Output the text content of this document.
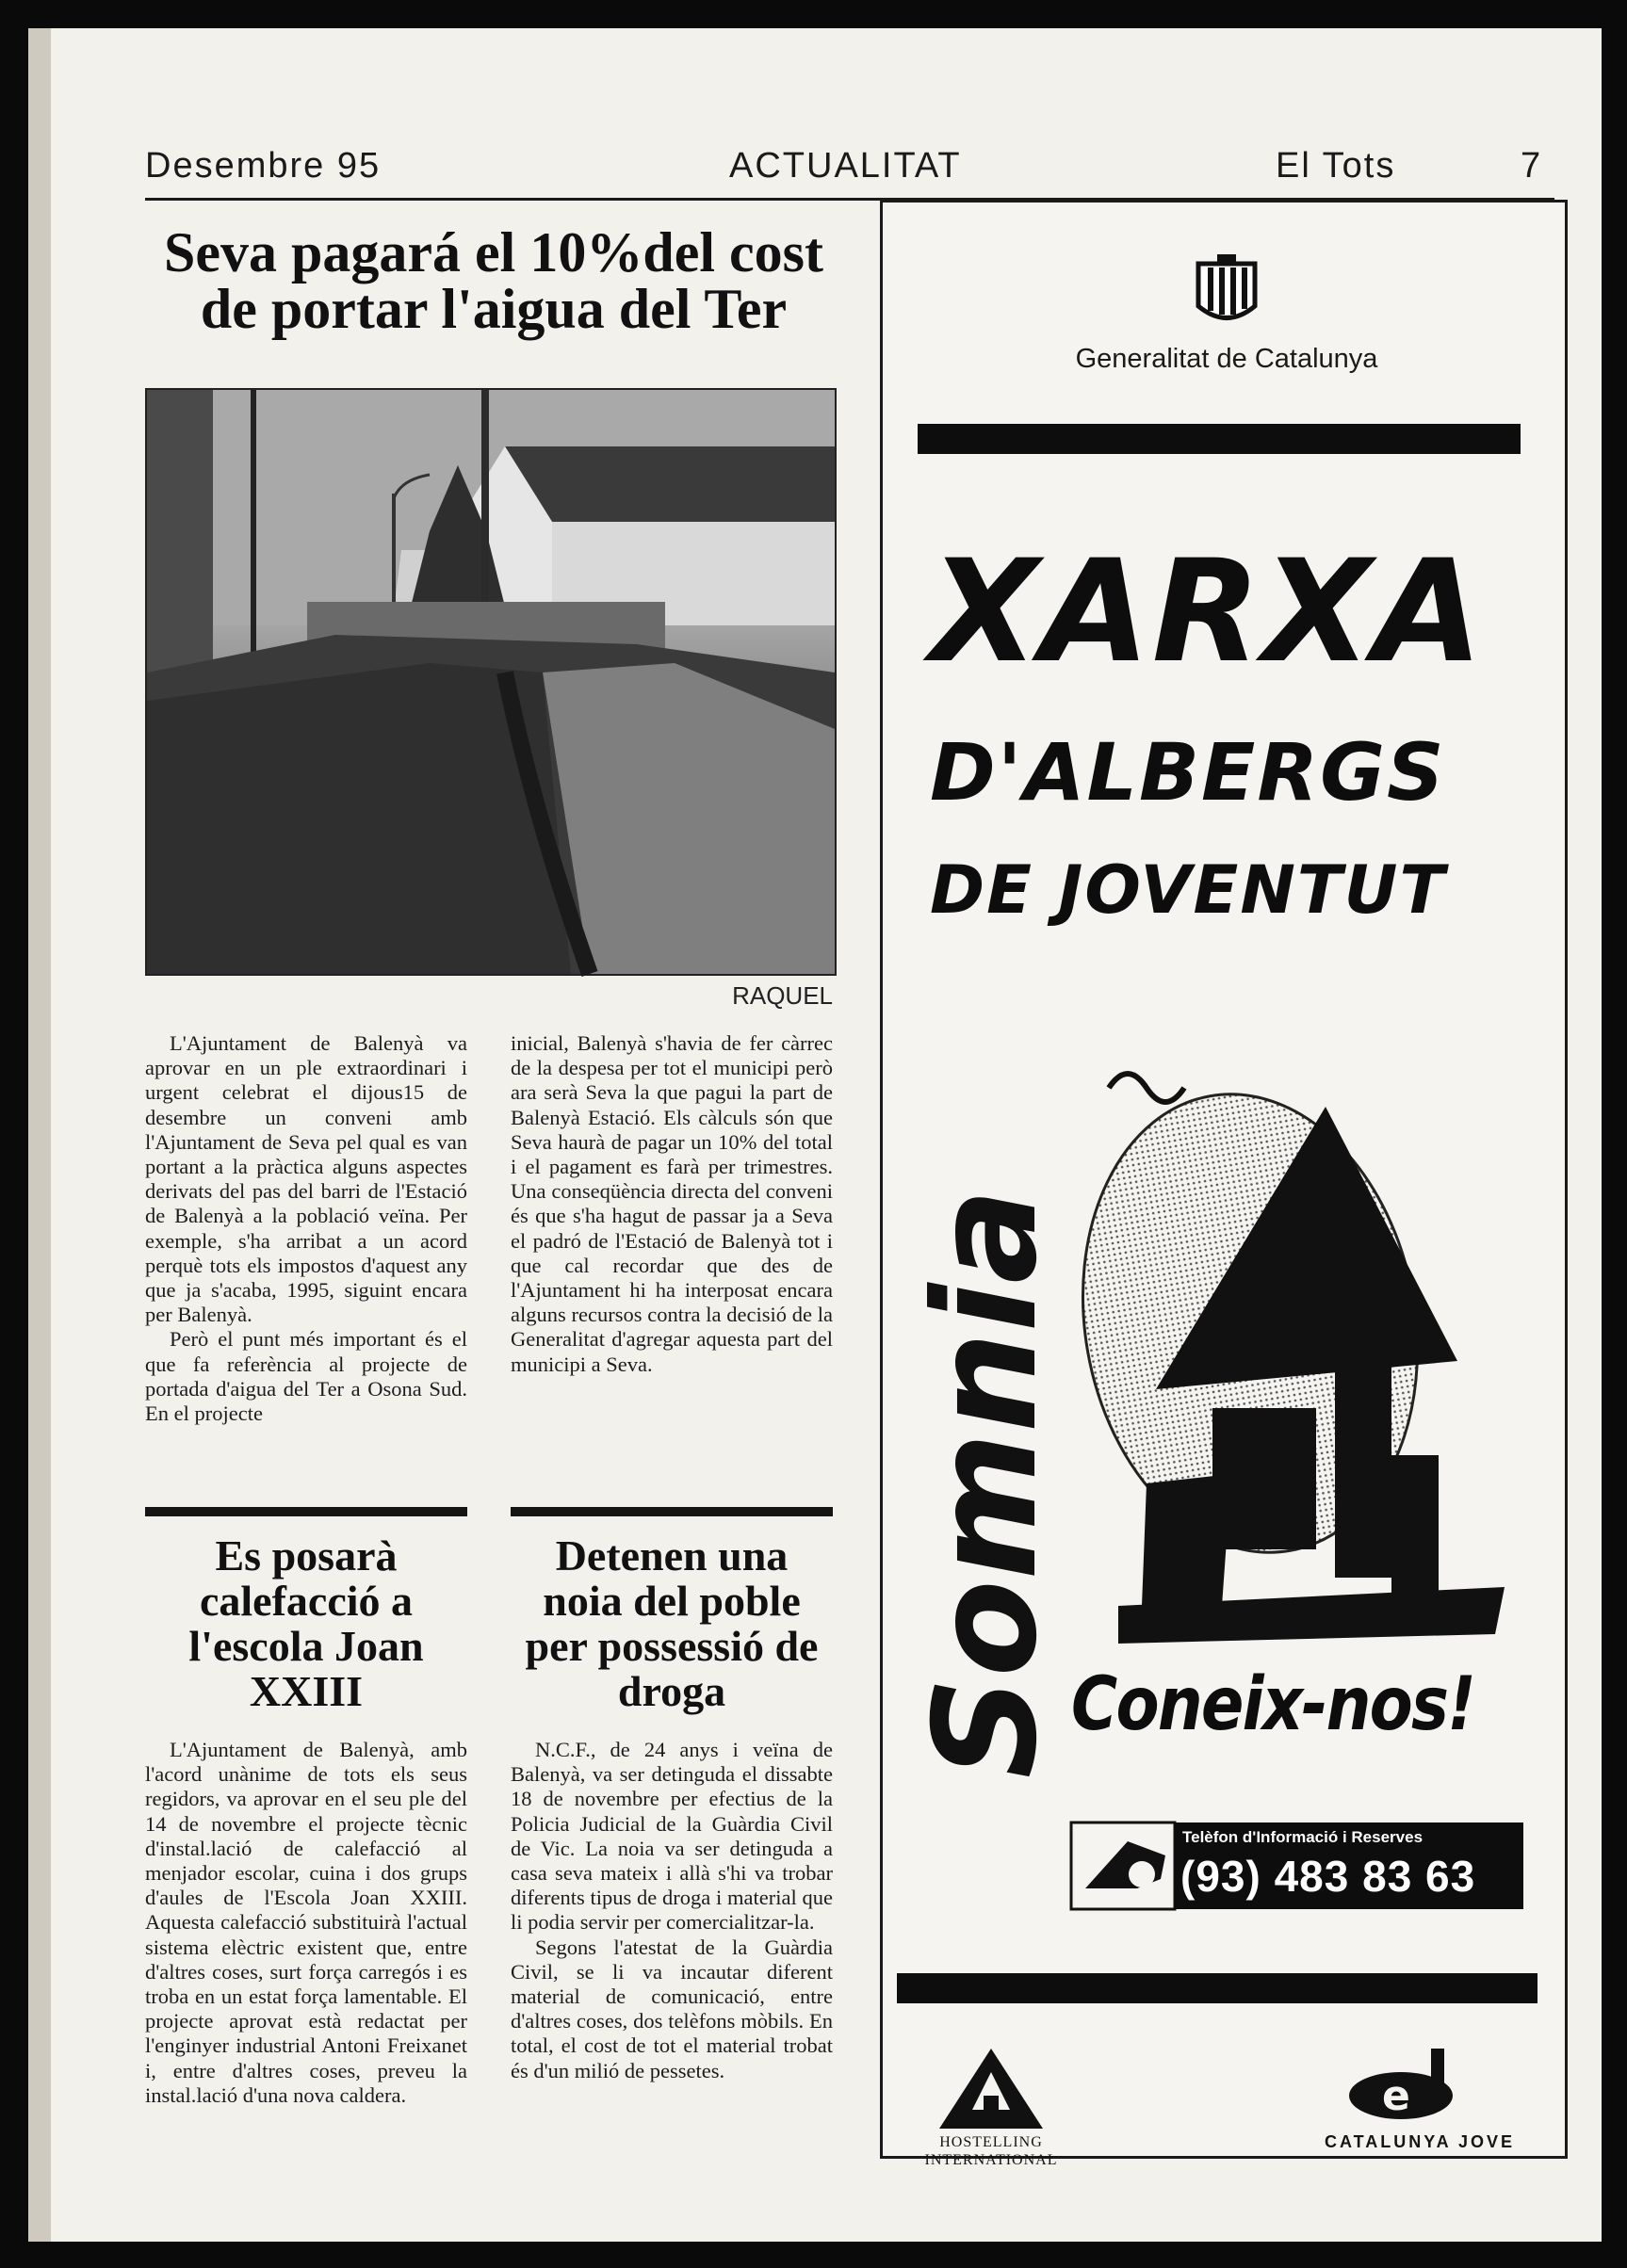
Desembre 95	ACTUALITAT	El Tots	7
Seva pagará el 10%del cost
de portar l'aigua del Ter
RAQUEL

L'Ajuntament de Balenyà va aprovar en un ple extraordinari i urgent celebrat el dijous15 de desembre un conveni amb l'Ajuntament de Seva pel qual es van portant a la pràctica alguns aspectes derivats del pas del barri de l'Estació de Balenyà a la població veïna. Per exemple, s'ha arribat a un acord perquè tots els impostos d'aquest any que ja s'acaba, 1995, siguint encara per Balenyà.

Però el punt més important és el que fa referència al projecte de portada d'aigua del Ter a Osona Sud. En el projecte

inicial, Balenyà s'havia de fer càrrec de la despesa per tot el municipi però ara serà Seva la que pagui la part de Balenyà Estació. Els càlculs són que Seva haurà de pagar un 10% del total i el pagament es farà per trimestres. Una conseqüència directa del conveni és que s'ha hagut de passar ja a Seva el padró de l'Estació de Balenyà tot i que cal recordar que des de l'Ajuntament hi ha interposat encara alguns recursos contra la decisió de la Generalitat d'agregar aquesta part del municipi a Seva.

Es posarà calefacció a l'escola Joan XXIII

L'Ajuntament de Balenyà, amb l'acord unànime de tots els seus regidors, va aprovar en el seu ple del 14 de novembre el projecte tècnic d'instal.lació de calefacció al menjador escolar, cuina i dos grups d'aules de l'Escola Joan XXIII. Aquesta calefacció substituirà l'actual sistema elèctric existent que, entre d'altres coses, surt força carregós i es troba en un estat força lamentable. El projecte aprovat està redactat per l'enginyer industrial Antoni Freixanet i, entre d'altres coses, preveu la instal.lació d'una nova caldera.

Detenen una noia del poble per possessió de droga

N.C.F., de 24 anys i veïna de Balenyà, va ser detinguda el dissabte 18 de novembre per efectius de la Policia Judicial de la Guàrdia Civil de Vic. La noia va ser detinguda a casa seva mateix i allà s'hi va trobar diferents tipus de droga i material que li podia servir per comercialitzar-la.

Segons l'atestat de la Guàrdia Civil, se li va incautar diferent material de comunicació, entre d'altres coses, dos telèfons mòbils. En total, el cost de tot el material trobat és d'un milió de pessetes.

Generalitat de Catalunya
XARXA
D'ALBERGS
DE JOVENTUT
Somnia Coneix-nos!
Telèfon d'Informació i Reserves
(93) 483 83 63
HOSTELLING INTERNATIONAL
e
CATALUNYA JOVE
